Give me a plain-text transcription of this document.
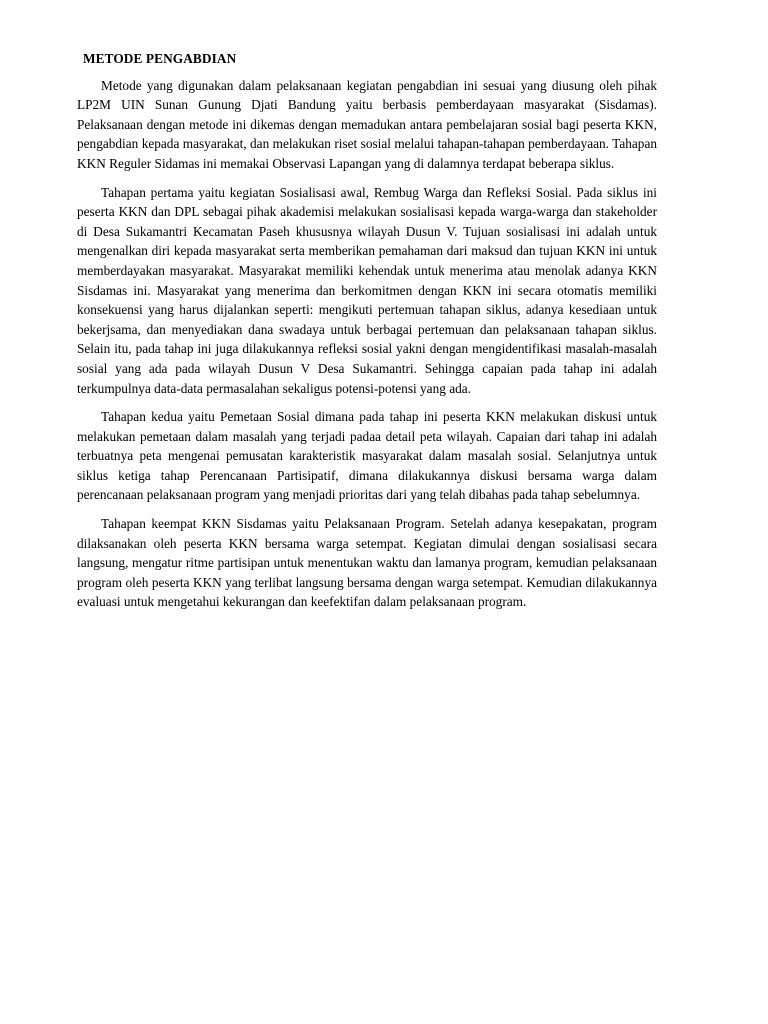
METODE PENGABDIAN

Metode yang digunakan dalam pelaksanaan kegiatan pengabdian ini sesuai yang diusung oleh pihak LP2M UIN Sunan Gunung Djati Bandung yaitu berbasis pemberdayaan masyarakat (Sisdamas). Pelaksanaan dengan metode ini dikemas dengan memadukan antara pembelajaran sosial bagi peserta KKN, pengabdian kepada masyarakat, dan melakukan riset sosial melalui tahapan-tahapan pemberdayaan. Tahapan KKN Reguler Sidamas ini memakai Observasi Lapangan yang di dalamnya terdapat beberapa siklus.

Tahapan pertama yaitu kegiatan Sosialisasi awal, Rembug Warga dan Refleksi Sosial. Pada siklus ini peserta KKN dan DPL sebagai pihak akademisi melakukan sosialisasi kepada warga-warga dan stakeholder di Desa Sukamantri Kecamatan Paseh khususnya wilayah Dusun V. Tujuan sosialisasi ini adalah untuk mengenalkan diri kepada masyarakat serta memberikan pemahaman dari maksud dan tujuan KKN ini untuk memberdayakan masyarakat. Masyarakat memiliki kehendak untuk menerima atau menolak adanya KKN Sisdamas ini. Masyarakat yang menerima dan berkomitmen dengan KKN ini secara otomatis memiliki konsekuensi yang harus dijalankan seperti: mengikuti pertemuan tahapan siklus, adanya kesediaan untuk bekerjsama, dan menyediakan dana swadaya untuk berbagai pertemuan dan pelaksanaan tahapan siklus. Selain itu, pada tahap ini juga dilakukannya refleksi sosial yakni dengan mengidentifikasi masalah-masalah sosial yang ada pada wilayah Dusun V Desa Sukamantri. Sehingga capaian pada tahap ini adalah terkumpulnya data-data permasalahan sekaligus potensi-potensi yang ada.

Tahapan kedua yaitu Pemetaan Sosial dimana pada tahap ini peserta KKN melakukan diskusi untuk melakukan pemetaan dalam masalah yang terjadi padaa detail peta wilayah. Capaian dari tahap ini adalah terbuatnya peta mengenai pemusatan karakteristik masyarakat dalam masalah sosial. Selanjutnya untuk siklus ketiga tahap Perencanaan Partisipatif, dimana dilakukannya diskusi bersama warga dalam perencanaan pelaksanaan program yang menjadi prioritas dari yang telah dibahas pada tahap sebelumnya.

Tahapan keempat KKN Sisdamas yaitu Pelaksanaan Program. Setelah adanya kesepakatan, program dilaksanakan oleh peserta KKN bersama warga setempat. Kegiatan dimulai dengan sosialisasi secara langsung, mengatur ritme partisipan untuk menentukan waktu dan lamanya program, kemudian pelaksanaan program oleh peserta KKN yang terlibat langsung bersama dengan warga setempat. Kemudian dilakukannya evaluasi untuk mengetahui kekurangan dan keefektifan dalam pelaksanaan program.
